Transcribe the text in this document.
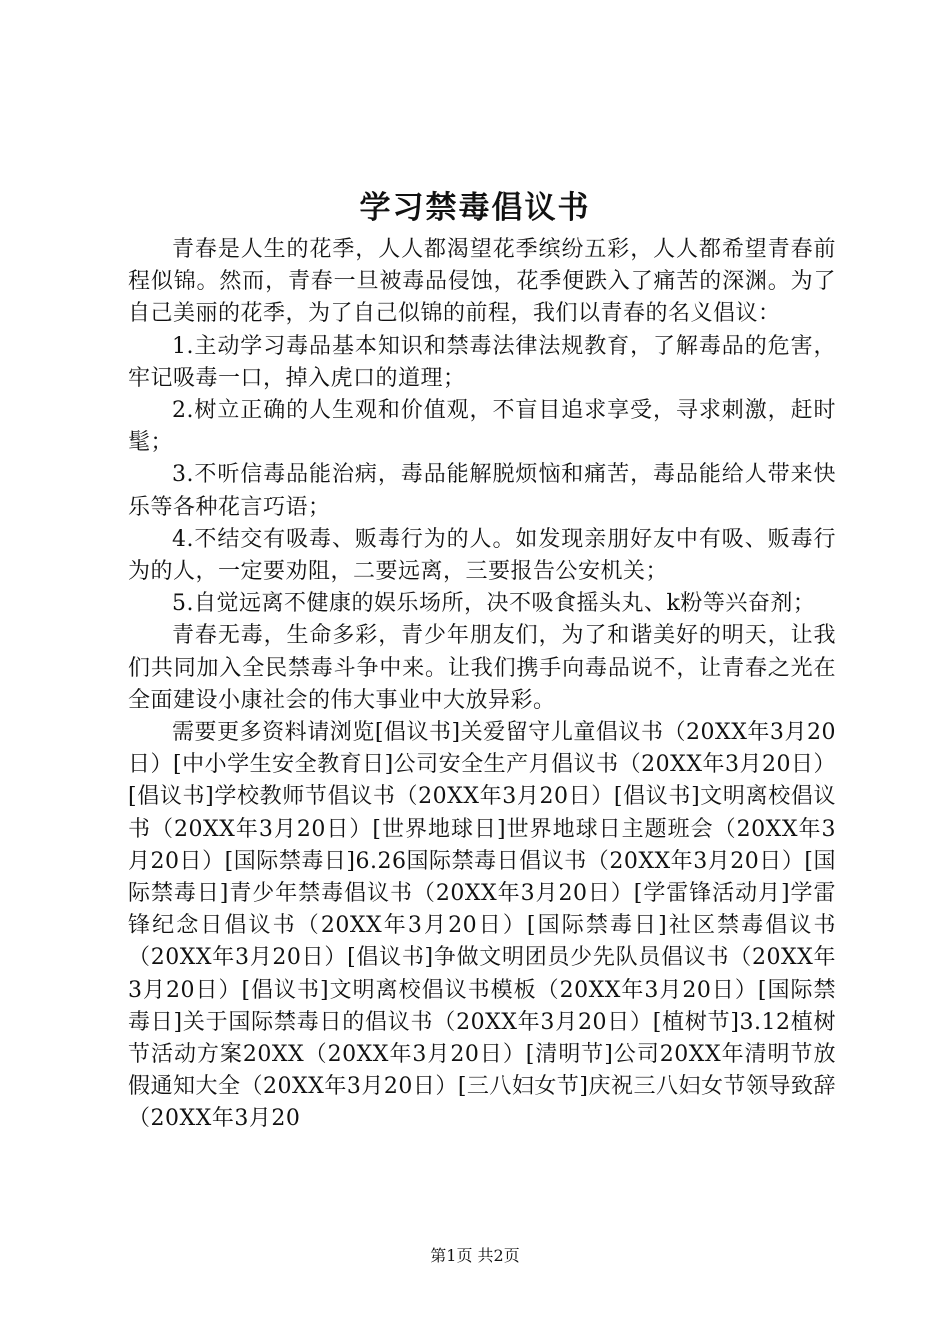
学习禁毒倡议书

青春是人生的花季，人人都渴望花季缤纷五彩，人人都希望青春前程似锦。然而，青春一旦被毒品侵蚀，花季便跌入了痛苦的深渊。为了自己美丽的花季，为了自己似锦的前程，我们以青春的名义倡议：

1.主动学习毒品基本知识和禁毒法律法规教育，了解毒品的危害，牢记吸毒一口，掉入虎口的道理；

2.树立正确的人生观和价值观，不盲目追求享受，寻求刺激，赶时髦；

3.不听信毒品能治病，毒品能解脱烦恼和痛苦，毒品能给人带来快乐等各种花言巧语；

4.不结交有吸毒、贩毒行为的人。如发现亲朋好友中有吸、贩毒行为的人，一定要劝阻，二要远离，三要报告公安机关；

5.自觉远离不健康的娱乐场所，决不吸食摇头丸、k粉等兴奋剂；

青春无毒，生命多彩，青少年朋友们，为了和谐美好的明天，让我们共同加入全民禁毒斗争中来。让我们携手向毒品说不，让青春之光在全面建设小康社会的伟大事业中大放异彩。

需要更多资料请浏览[倡议书]关爱留守儿童倡议书（20XX年3月20日）[中小学生安全教育日]公司安全生产月倡议书（20XX年3月20日）[倡议书]学校教师节倡议书（20XX年3月20日）[倡议书]文明离校倡议书（20XX年3月20日）[世界地球日]世界地球日主题班会（20XX年3月20日）[国际禁毒日]6.26国际禁毒日倡议书（20XX年3月20日）[国际禁毒日]青少年禁毒倡议书（20XX年3月20日）[学雷锋活动月]学雷锋纪念日倡议书（20XX年3月20日）[国际禁毒日]社区禁毒倡议书（20XX年3月20日）[倡议书]争做文明团员少先队员倡议书（20XX年3月20日）[倡议书]文明离校倡议书模板（20XX年3月20日）[国际禁毒日]关于国际禁毒日的倡议书（20XX年3月20日）[植树节]3.12植树节活动方案20XX（20XX年3月20日）[清明节]公司20XX年清明节放假通知大全（20XX年3月20日）[三八妇女节]庆祝三八妇女节领导致辞（20XX年3月20

第1页 共2页
